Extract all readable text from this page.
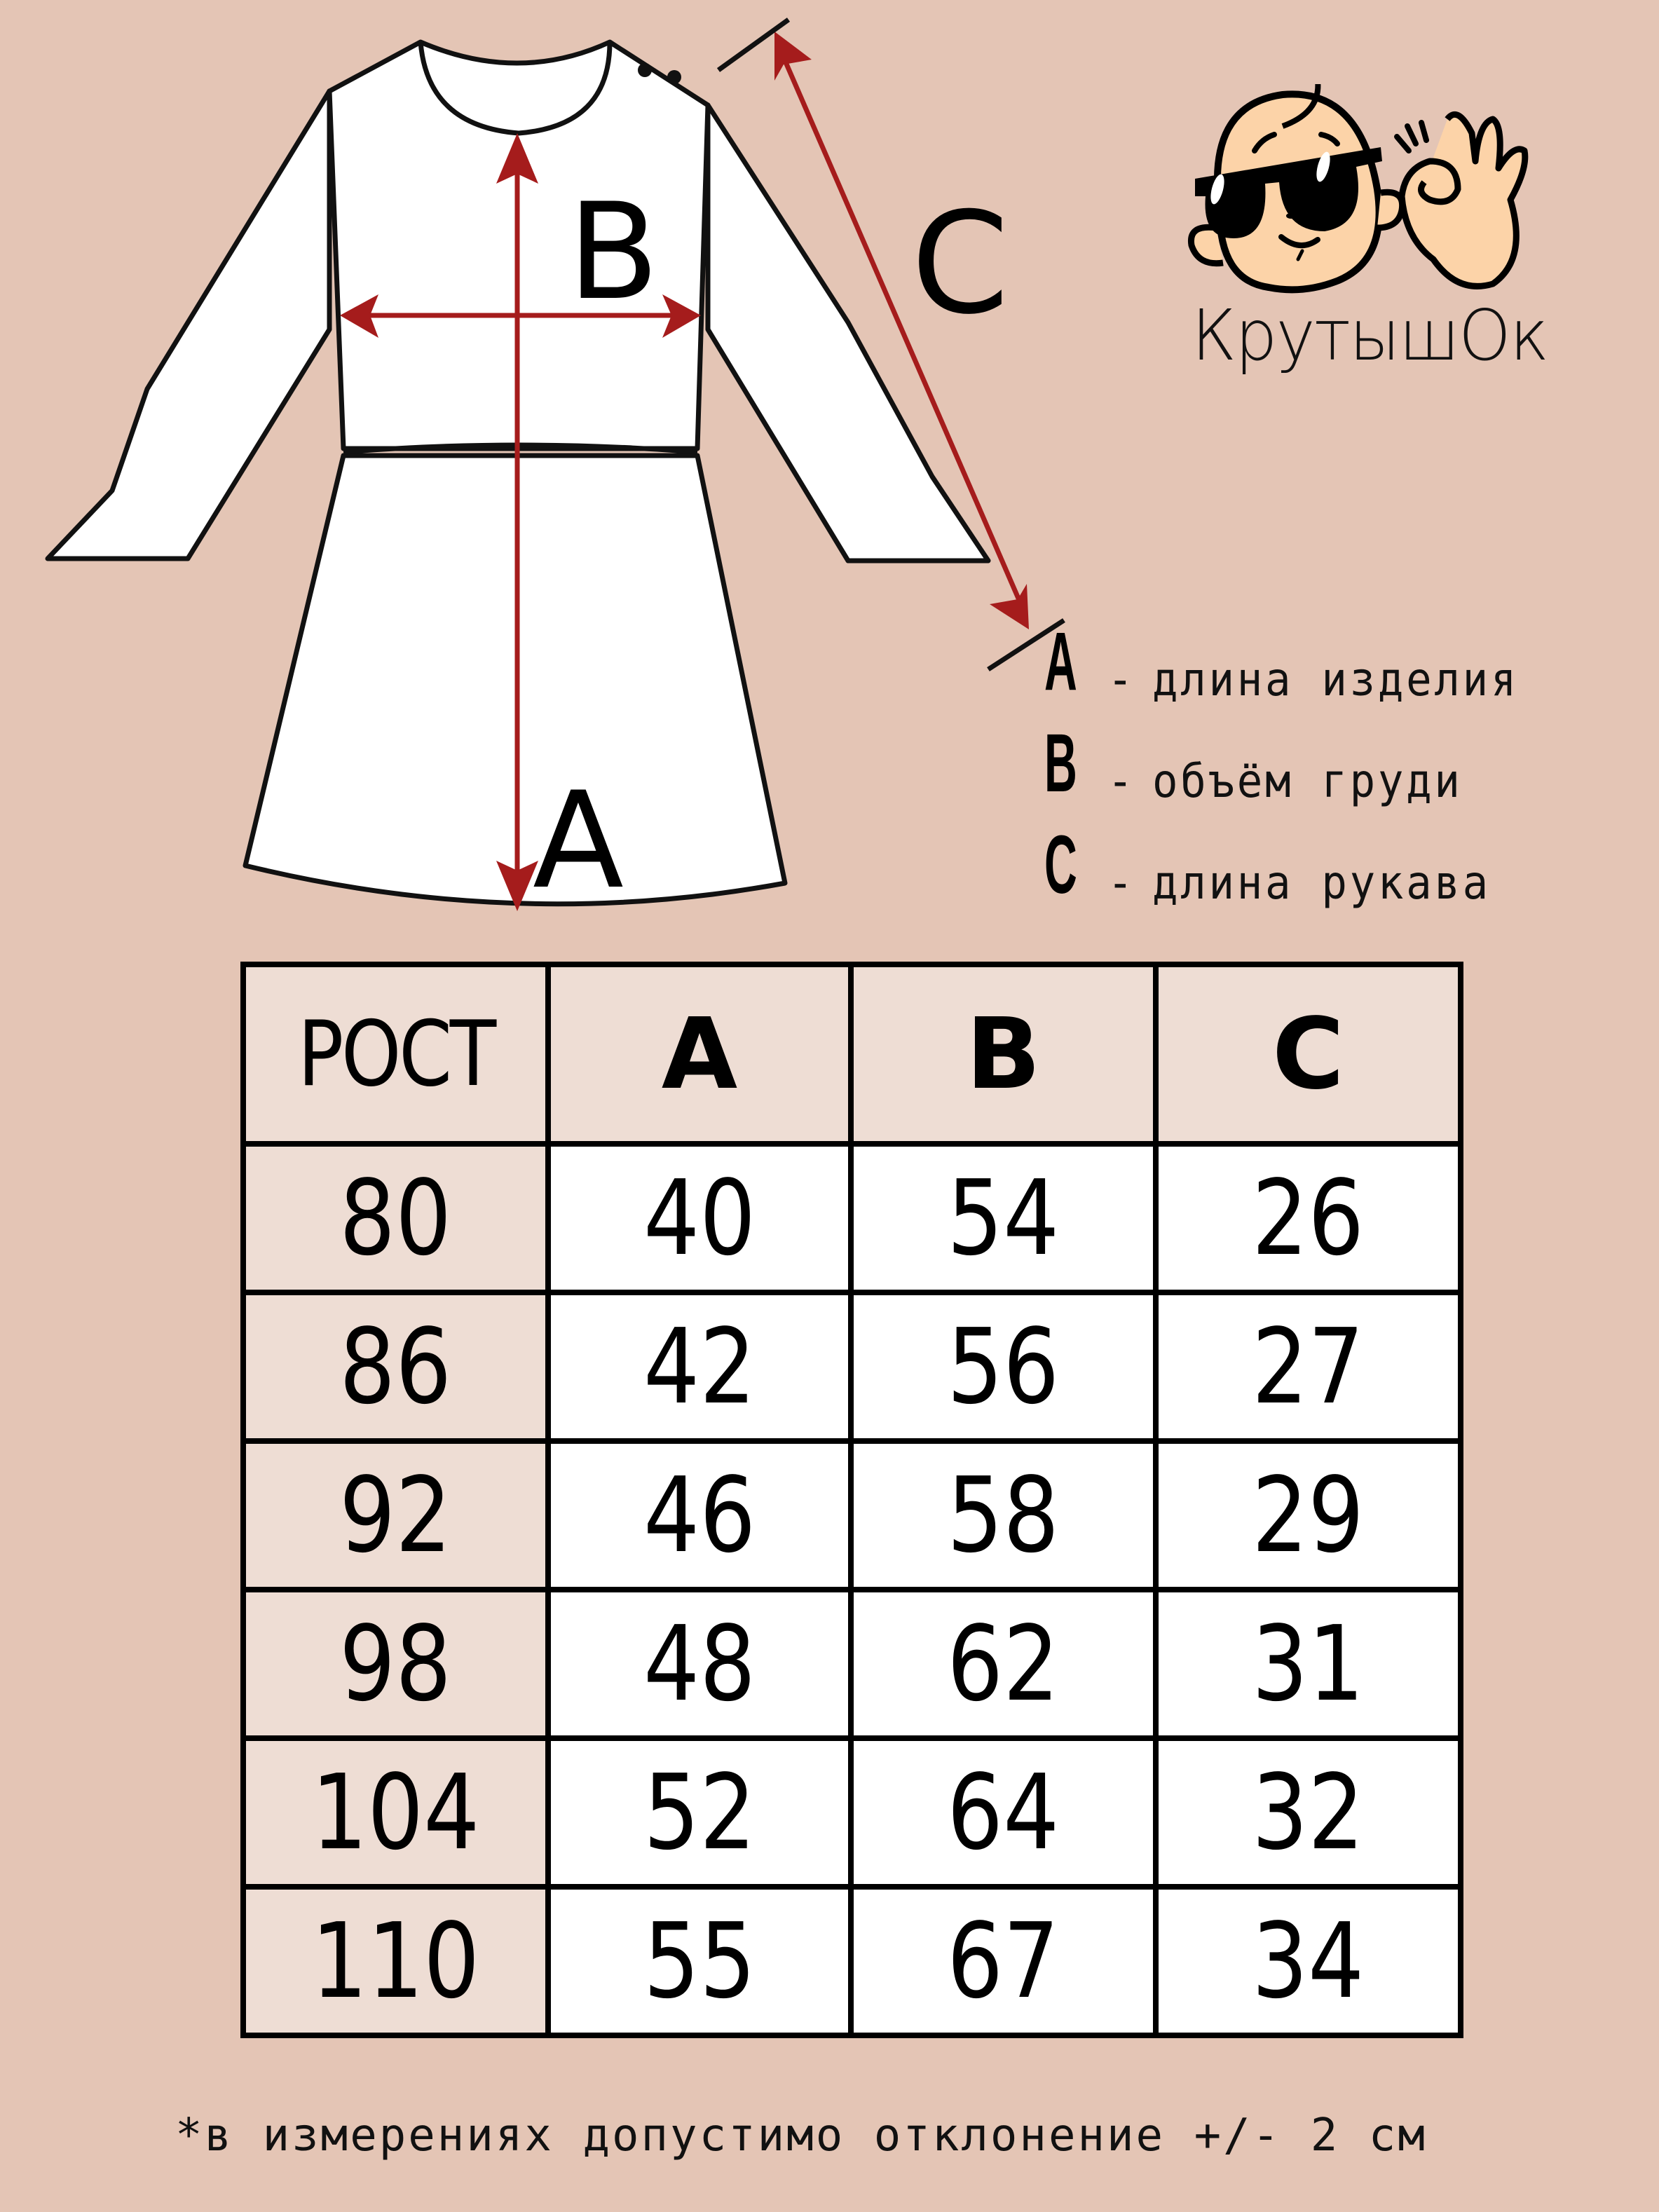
B C
A
КрутышОк
A - длина изделия
B - объём груди
C - длина рукава
РОСТ	A	B	C
80	40	54	26
86	42	56	27
92	46	58	29
98	48	62	31
104	52	64	32
110	55	67	34
*в измерениях допустимо отклонение +/- 2 см
